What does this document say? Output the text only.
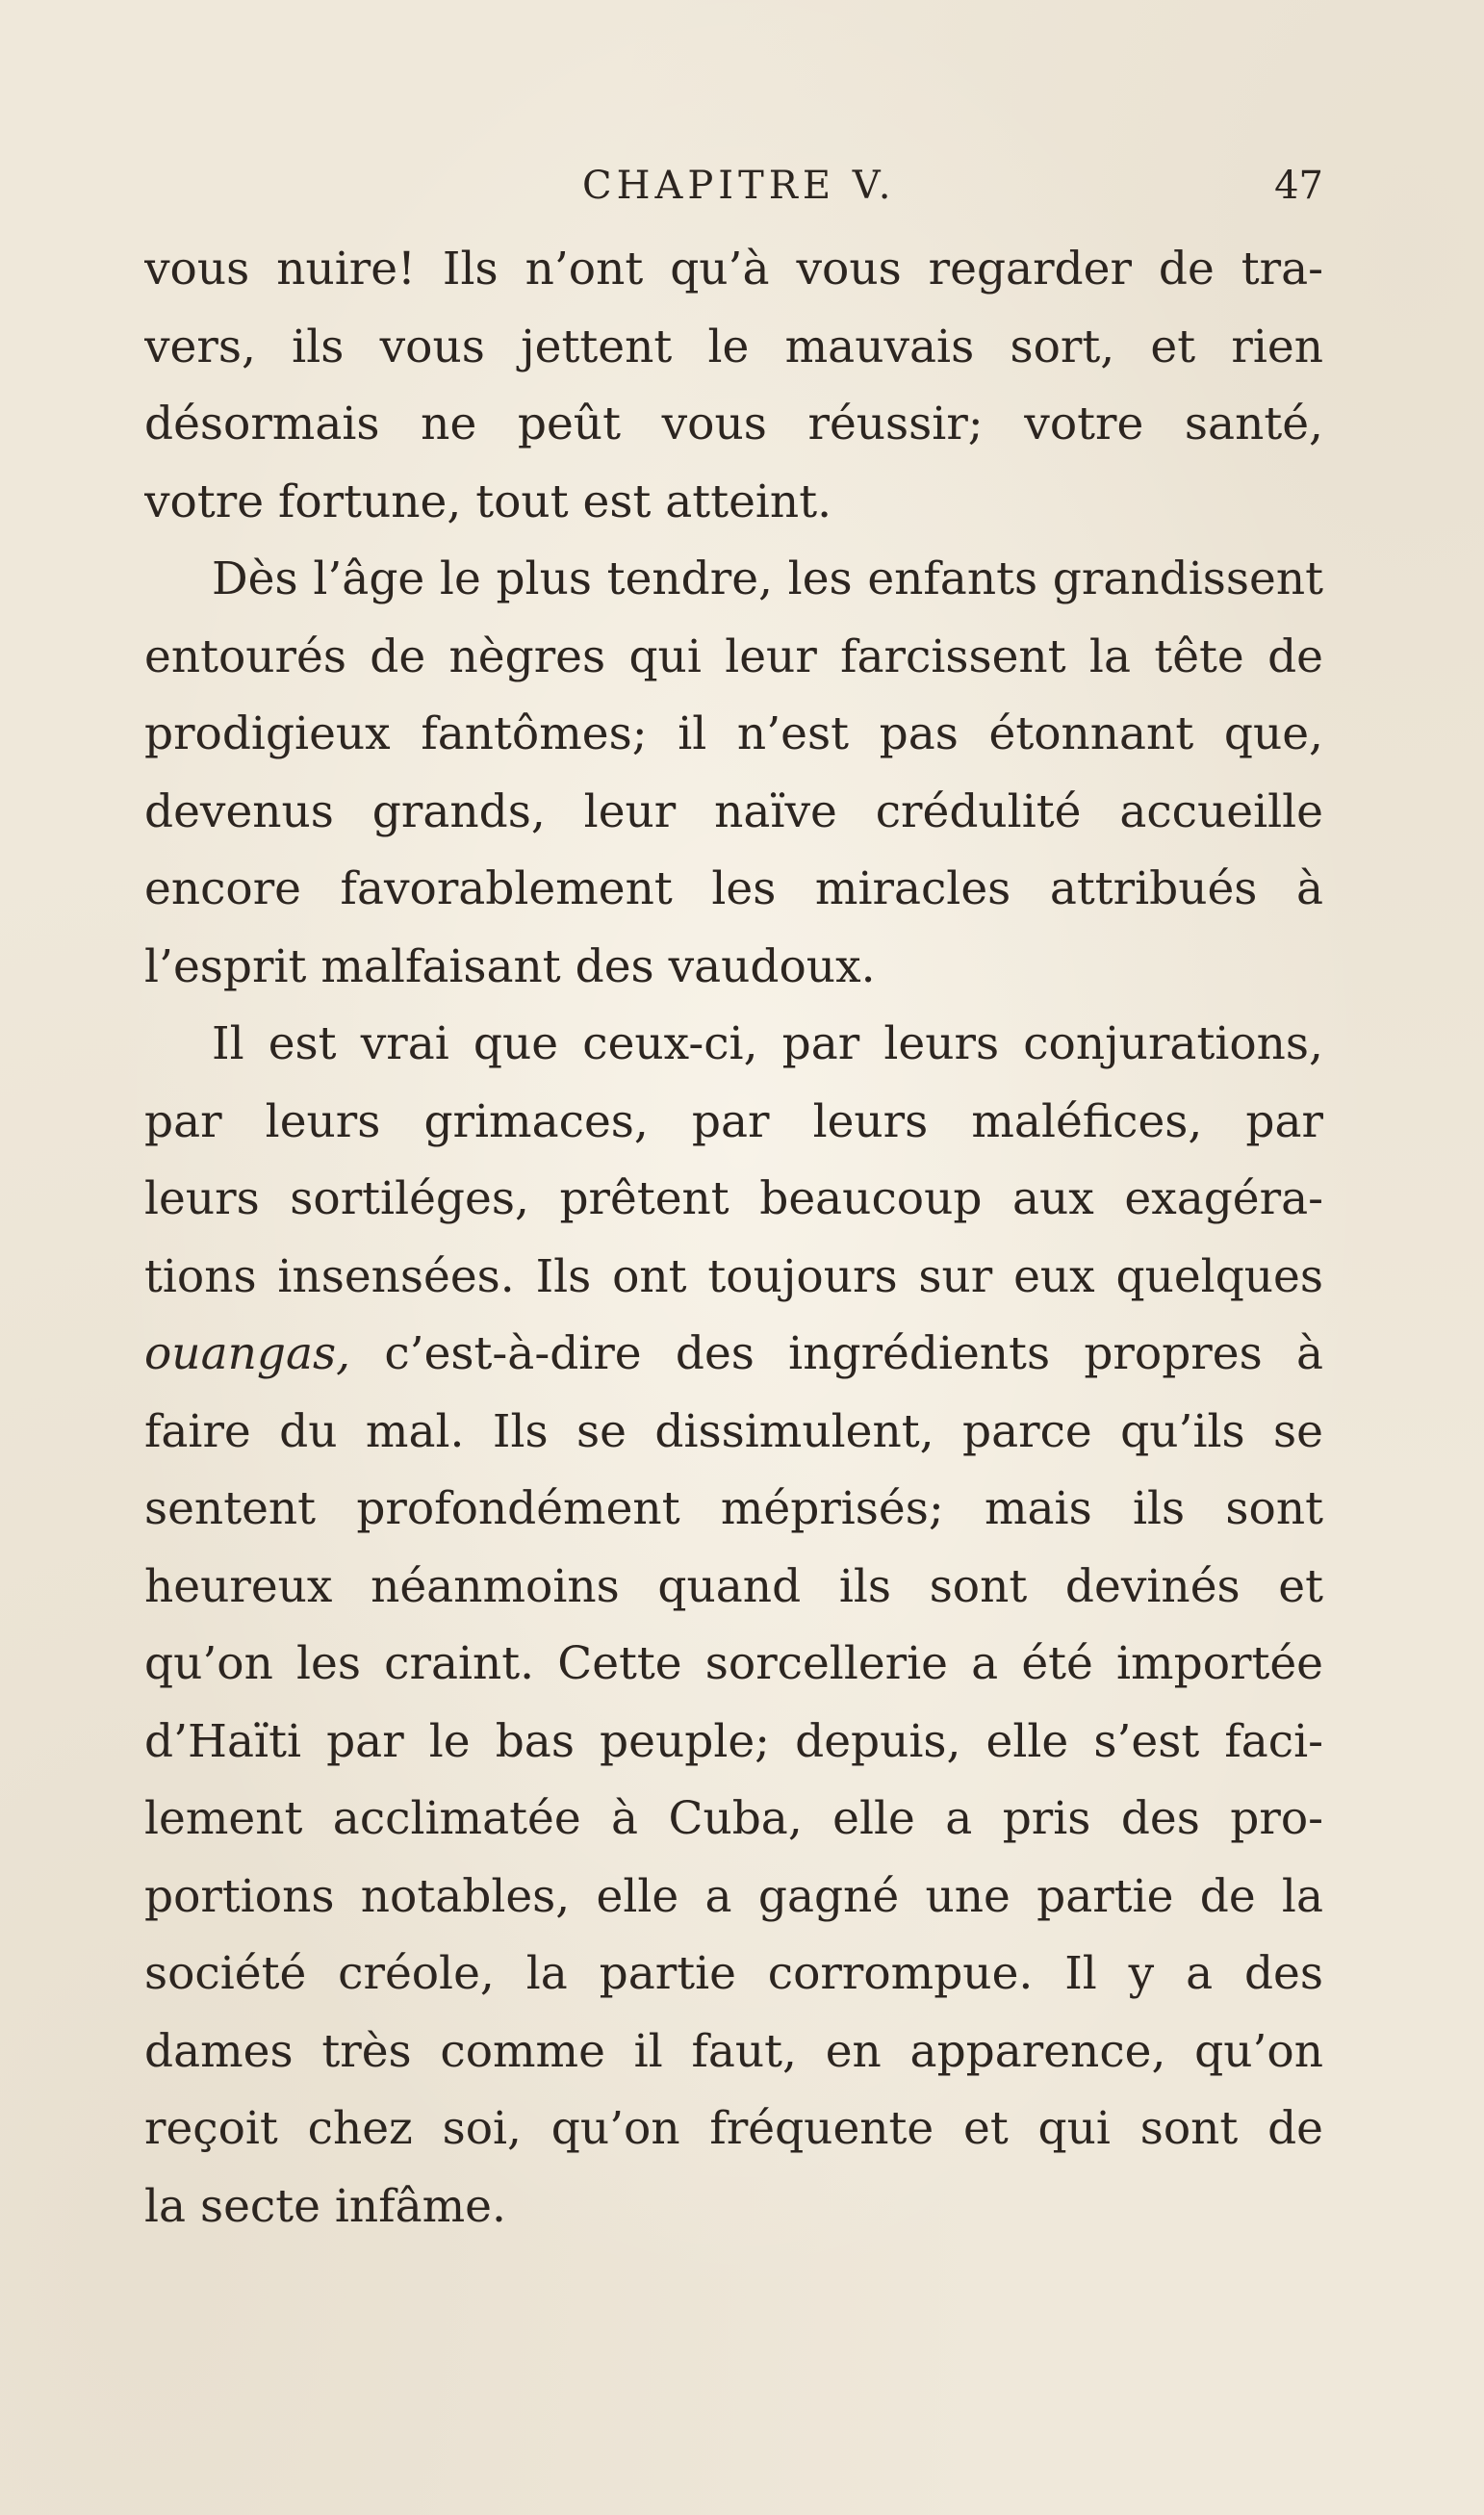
CHAPITRE V.	47
vous nuire! Ils n’ont qu’à vous regarder de tra-
vers, ils vous jettent le mauvais sort, et rien
désormais ne peût vous réussir; votre santé,
votre fortune, tout est atteint.
Dès l’âge le plus tendre, les enfants grandissent
entourés de nègres qui leur farcissent la tête de
prodigieux fantômes; il n’est pas étonnant que,
devenus grands, leur naïve crédulité accueille
encore favorablement les miracles attribués à
l’esprit malfaisant des vaudoux.
Il est vrai que ceux-ci, par leurs conjurations,
par leurs grimaces, par leurs maléfices, par
leurs sortiléges, prêtent beaucoup aux exagéra-
tions insensées. Ils ont toujours sur eux quelques
ouangas, c’est-à-dire des ingrédients propres à
faire du mal. Ils se dissimulent, parce qu’ils se
sentent profondément méprisés; mais ils sont
heureux néanmoins quand ils sont devinés et
qu’on les craint. Cette sorcellerie a été importée
d’Haïti par le bas peuple; depuis, elle s’est faci-
lement acclimatée à Cuba, elle a pris des pro-
portions notables, elle a gagné une partie de la
société créole, la partie corrompue. Il y a des
dames très comme il faut, en apparence, qu’on
reçoit chez soi, qu’on fréquente et qui sont de
la secte infâme.
